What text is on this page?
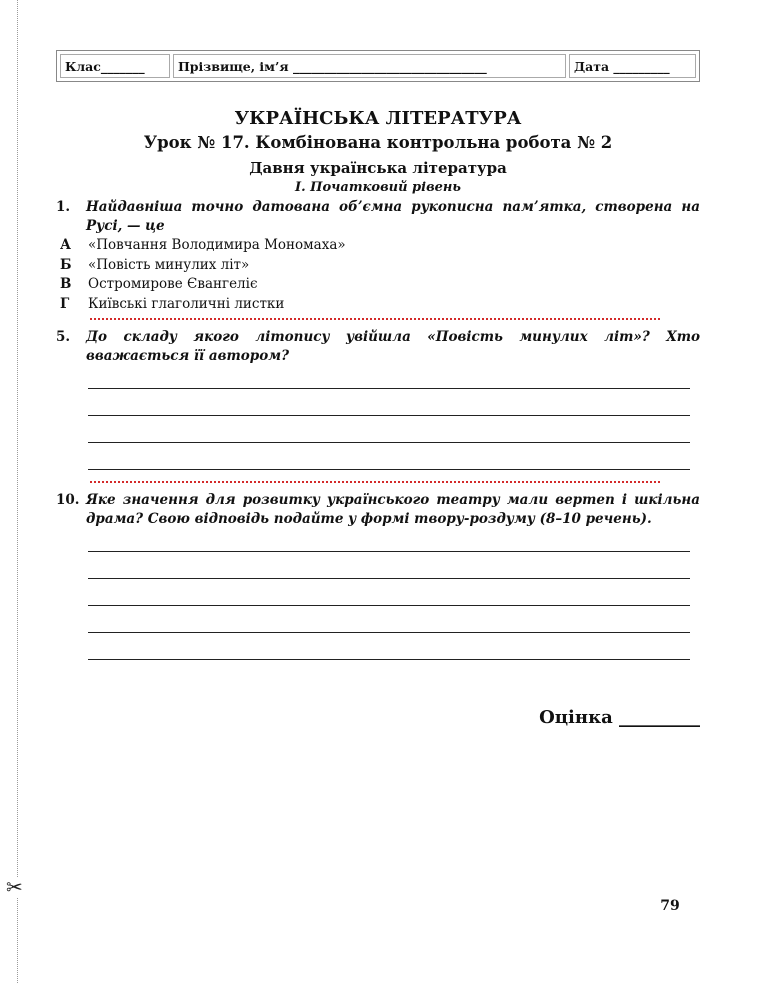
✂
Клас_______	Прізвище, ім’я _______________________________	Дата _________
УКРАЇНСЬКА ЛІТЕРАТУРА
Урок № 17. Комбінована контрольна робота № 2
Давня українська література
І. Початковий рівень
1. Найдавніша точно датована об’ємна рукописна пам’ятка, створена на Русі, — це
А	«Повчання Володимира Мономаха»
Б	«Повість минулих літ»
В	Остромирове Євангеліє
Г	Київські глаголичні листки
5. До складу якого літопису увійшла «Повість минулих літ»? Хто вважається її автором?
10. Яке значення для розвитку українського театру мали вертеп і шкільна драма? Свою відповідь подайте у формі твору-роздуму (8–10 речень).
Оцінка _________
79
